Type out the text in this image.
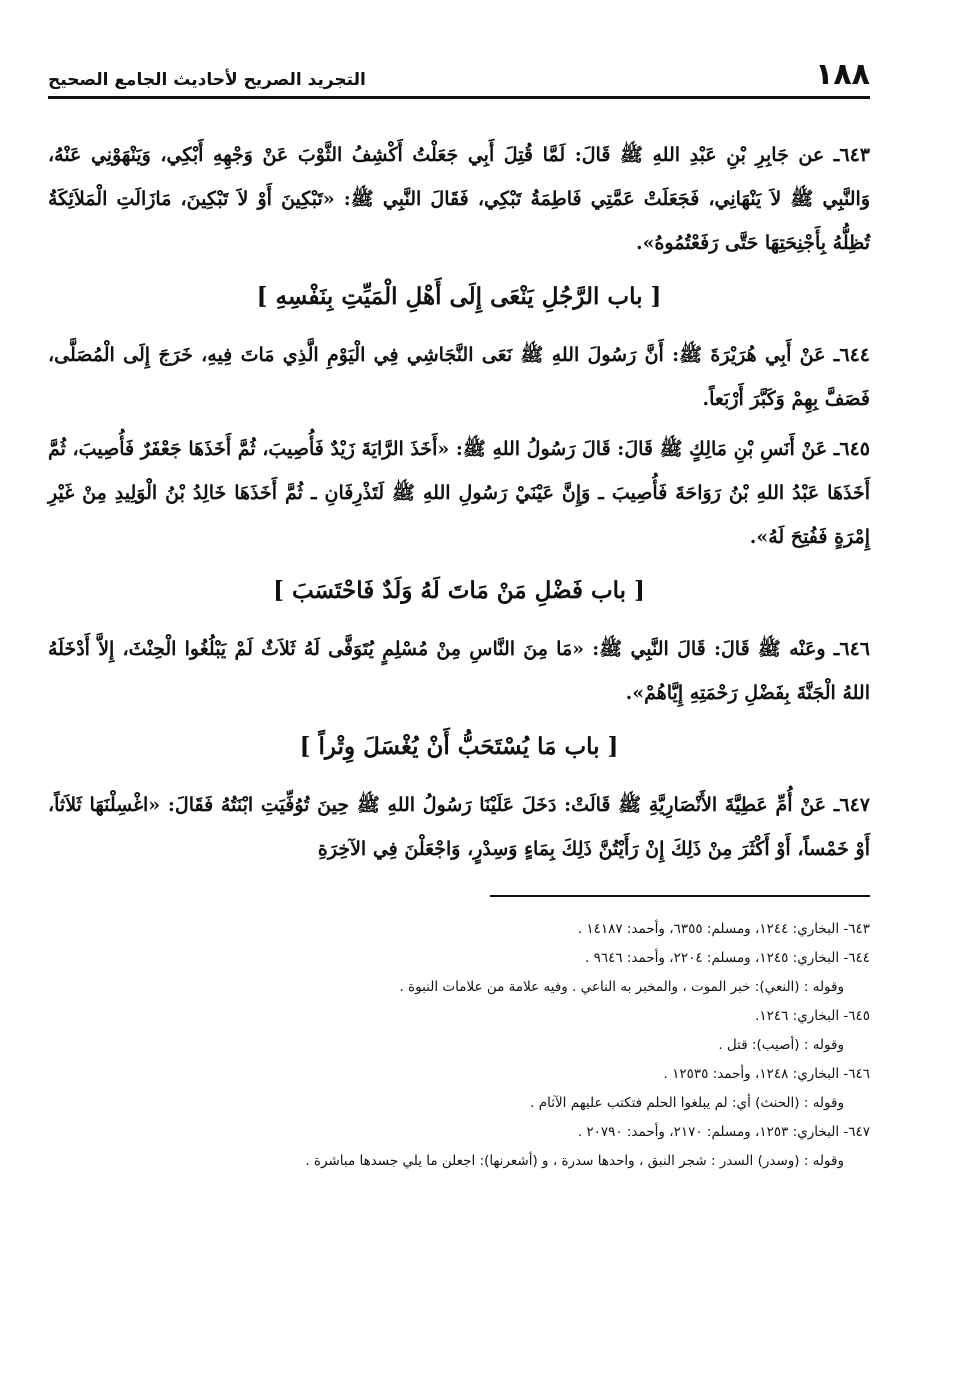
١٨٨
التجريد الصريح لأحاديث الجامع الصحيح

٦٤٣ـ عن جَابِرِ بْنِ عَبْدِ اللهِ ﷺ قَالَ: لَمَّا قُتِلَ أَبِي جَعَلْتُ أَكْشِفُ الثَّوْبَ عَنْ وَجْهِهِ أَبْكِي، وَيَنْهَوْنِي عَنْهُ، وَالنَّبِي ﷺ لاَ يَنْهَانِي، فَجَعَلَتْ عَمَّتِي فَاطِمَةُ تَبْكِي، فَقَالَ النَّبِي ﷺ: «تَبْكِينَ أَوْ لاَ تَبْكِينَ، مَازَالَتِ الْمَلاَئِكَةُ تُظِلُّهُ بِأَجْنِحَتِهَا حَتَّى رَفَعْتُمُوهُ».

[ باب الرَّجُلِ يَنْعَى إِلَى أَهْلِ الْمَيِّتِ بِنَفْسِهِ ]

٦٤٤ـ عَنْ أَبِي هُرَيْرَةَ ﷺ: أَنَّ رَسُولَ اللهِ ﷺ نَعَى النَّجَاشِي فِي الْيَوْمِ الَّذِي مَاتَ فِيهِ، خَرَجَ إِلَى الْمُصَلَّى، فَصَفَّ بِهِمْ وَكَبَّرَ أَرْبَعاً.

٦٤٥ـ عَنْ أَنَسِ بْنِ مَالِكٍ ﷺ قَالَ: قَالَ رَسُولُ اللهِ ﷺ: «أَخَذَ الرَّايَةَ زَيْدٌ فَأُصِيبَ، ثُمَّ أَخَذَهَا جَعْفَرٌ فَأُصِيبَ، ثُمَّ أَخَذَهَا عَبْدُ اللهِ بْنُ رَوَاحَةَ فَأُصِيبَ ـ وَإِنَّ عَيْنَيْ رَسُولِ اللهِ ﷺ لَتَذْرِفَانِ ـ ثُمَّ أَخَذَهَا خَالِدُ بْنُ الْوَلِيدِ مِنْ غَيْرِ إِمْرَةٍ فَفُتِحَ لَهُ».

[ باب فَضْلِ مَنْ مَاتَ لَهُ وَلَدٌ فَاحْتَسَبَ ]

٦٤٦ـ وعَنْه ﷺ قَالَ: قَالَ النَّبِي ﷺ: «مَا مِنَ النَّاسِ مِنْ مُسْلِمٍ يُتَوَفَّى لَهُ ثَلاَثٌ لَمْ يَبْلُغُوا الْحِنْثَ، إِلاَّ أَدْخَلَهُ اللهُ الْجَنَّةَ بِفَضْلِ رَحْمَتِهِ إِيَّاهُمْ».

[ باب مَا يُسْتَحَبُّ أَنْ يُغْسَلَ وِتْراً ]

٦٤٧ـ عَنْ أُمِّ عَطِيَّةَ الأَنْصَارِيَّةِ ﷺ قَالَتْ: دَخَلَ عَلَيْنَا رَسُولُ اللهِ ﷺ حِينَ تُوُفِّيَتِ ابْنَتُهُ فَقَالَ: «اغْسِلْنَهَا ثَلاَثاً، أَوْ خَمْساً، أَوْ أَكْثَرَ مِنْ ذَلِكَ إِنْ رَأَيْتُنَّ ذَلِكَ بِمَاءٍ وَسِدْرٍ، وَاجْعَلْنَ فِي الآخِرَةِ

٦٤٣- البخاري: ١٢٤٤، ومسلم: ٦٣٥٥، وأحمد: ١٤١٨٧ .
٦٤٤- البخاري: ١٢٤٥، ومسلم: ٢٢٠٤، وأحمد: ٩٦٤٦ .
وقوله : (النعي): خبر الموت ، والمخبر به الناعي . وفيه علامة من علامات النبوة .
٦٤٥- البخاري: ١٢٤٦.
وقوله : (أصيب): قتل .
٦٤٦- البخاري: ١٢٤٨، وأحمد: ١٢٥٣٥ .
وقوله : (الحنث) أي: لم يبلغوا الحلم فتكتب عليهم الآثام .
٦٤٧- البخاري: ١٢٥٣، ومسلم: ٢١٧٠، وأحمد: ٢٠٧٩٠ .
وقوله : (وسدر) السدر : شجر النبق ، واحدها سدرة ، و (أشعرنها): اجعلن ما يلي جسدها مباشرة .
